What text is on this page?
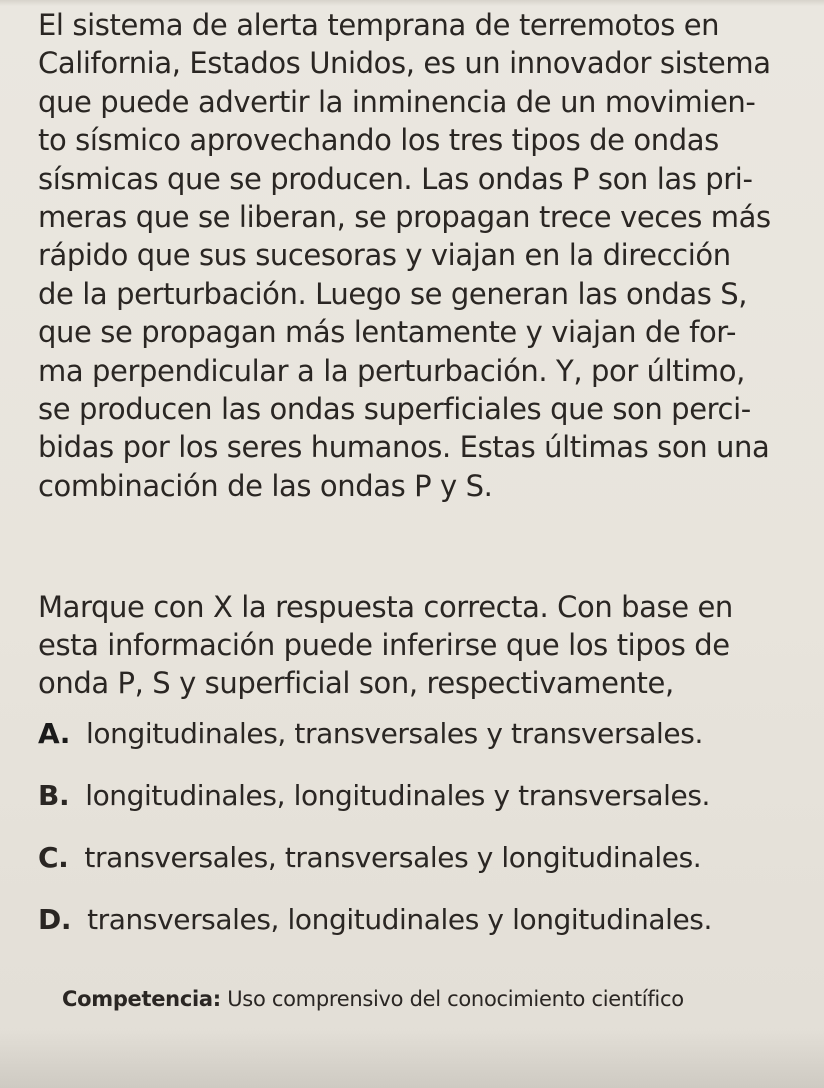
El sistema de alerta temprana de terremotos en
California, Estados Unidos, es un innovador sistema
que puede advertir la inminencia de un movimien-
to sísmico aprovechando los tres tipos de ondas
sísmicas que se producen. Las ondas P son las pri-
meras que se liberan, se propagan trece veces más
rápido que sus sucesoras y viajan en la dirección
de la perturbación. Luego se generan las ondas S,
que se propagan más lentamente y viajan de for-
ma perpendicular a la perturbación. Y, por último,
se producen las ondas superficiales que son perci-
bidas por los seres humanos. Estas últimas son una
combinación de las ondas P y S.

Marque con X la respuesta correcta. Con base en
esta información puede inferirse que los tipos de
onda P, S y superficial son, respectivamente,

A. longitudinales, transversales y transversales.
B. longitudinales, longitudinales y transversales.
C. transversales, transversales y longitudinales.
D. transversales, longitudinales y longitudinales.
Competencia: Uso comprensivo del conocimiento científico
